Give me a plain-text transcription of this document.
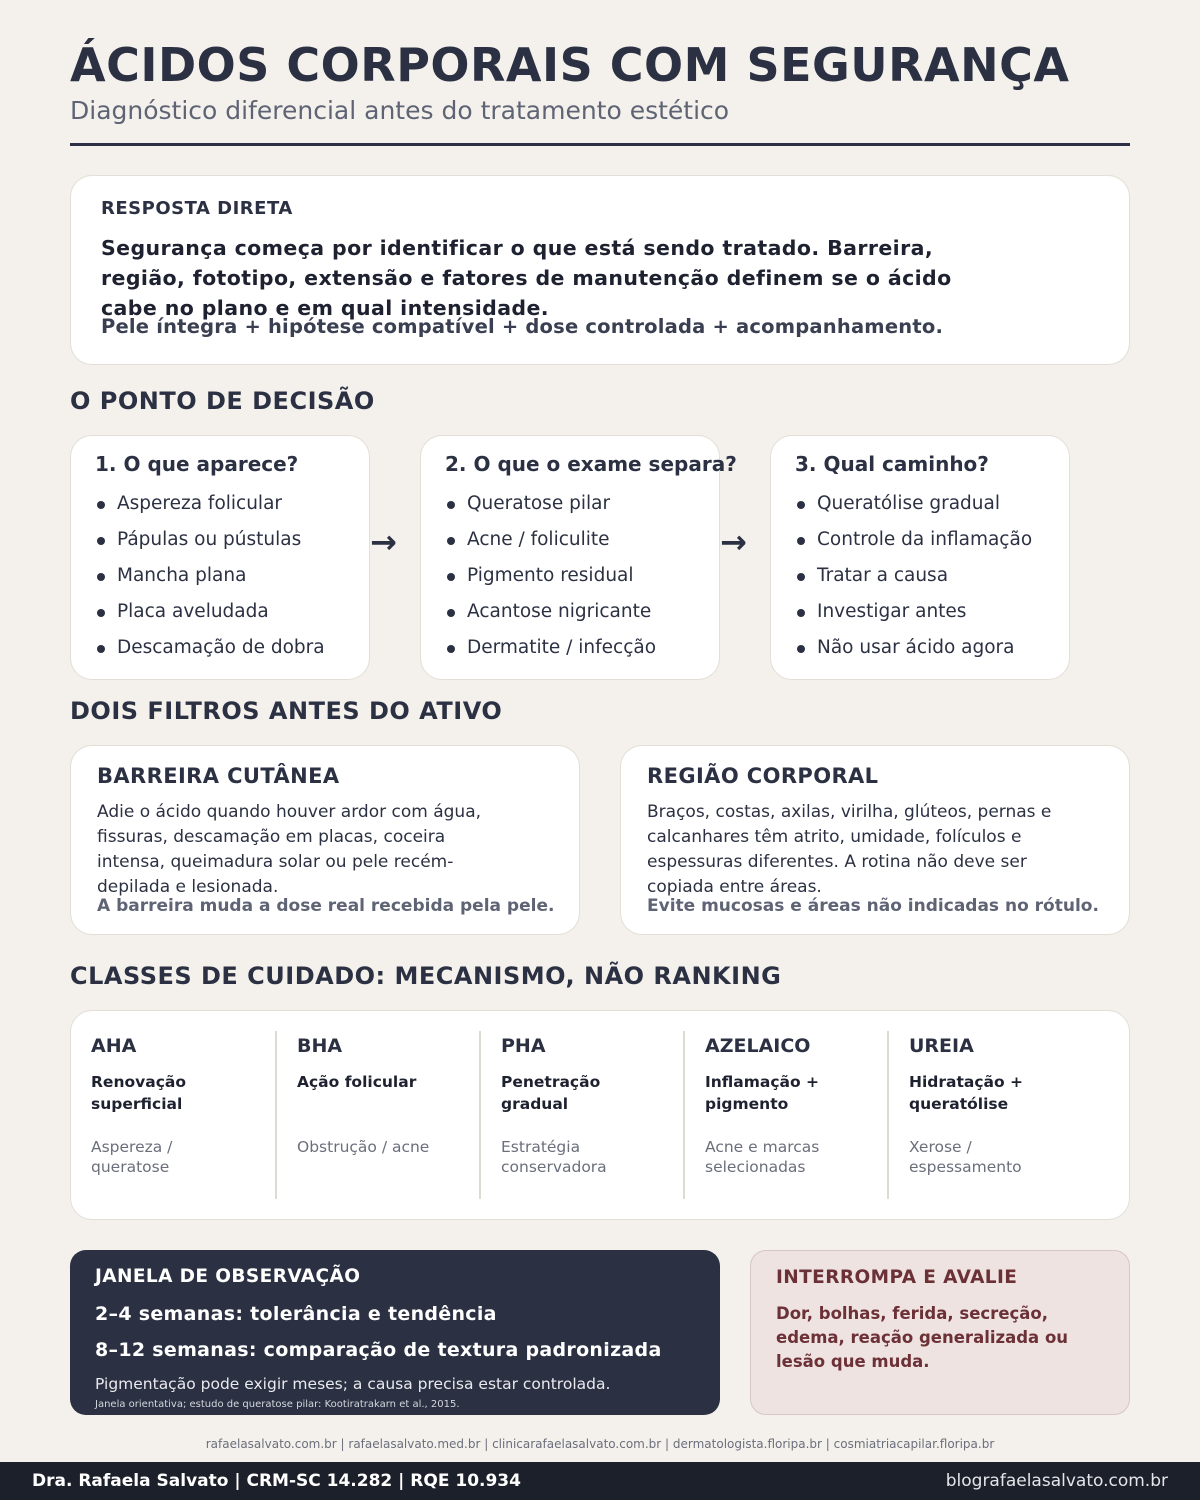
ÁCIDOS CORPORAIS COM SEGURANÇA
Diagnóstico diferencial antes do tratamento estético
RESPOSTA DIRETA
Segurança começa por identificar o que está sendo tratado. Barreira, região, fototipo, extensão e fatores de manutenção definem se o ácido cabe no plano e em qual intensidade.
Pele íntegra + hipótese compatível + dose controlada + acompanhamento.
O PONTO DE DECISÃO
1. O que aparece?
Aspereza folicular
Pápulas ou pústulas
Mancha plana
Placa aveludada
Descamação de dobra
→
2. O que o exame separa?
Queratose pilar
Acne / foliculite
Pigmento residual
Acantose nigricante
Dermatite / infecção
→
3. Qual caminho?
Queratólise gradual
Controle da inflamação
Tratar a causa
Investigar antes
Não usar ácido agora
DOIS FILTROS ANTES DO ATIVO
BARREIRA CUTÂNEA

Adie o ácido quando houver ardor com água, fissuras, descamação em placas, coceira intensa, queimadura solar ou pele recém-depilada e lesionada.

A barreira muda a dose real recebida pela pele.
REGIÃO CORPORAL

Braços, costas, axilas, virilha, glúteos, pernas e calcanhares têm atrito, umidade, folículos e espessuras diferentes. A rotina não deve ser copiada entre áreas.

Evite mucosas e áreas não indicadas no rótulo.
CLASSES DE CUIDADO: MECANISMO, NÃO RANKING
AHA
Renovação superficial
Aspereza / queratose
BHA
Ação folicular
Obstrução / acne
PHA
Penetração gradual
Estratégia conservadora
AZELAICO
Inflamação + pigmento
Acne e marcas selecionadas
UREIA
Hidratação + queratólise
Xerose / espessamento
JANELA DE OBSERVAÇÃO
2–4 semanas: tolerância e tendência
8–12 semanas: comparação de textura padronizada
Pigmentação pode exigir meses; a causa precisa estar controlada.
Janela orientativa; estudo de queratose pilar: Kootiratrakarn et al., 2015.
INTERROMPA E AVALIE
Dor, bolhas, ferida, secreção, edema, reação generalizada ou lesão que muda.
rafaelasalvato.com.br | rafaelasalvato.med.br | clinicarafaelasalvato.com.br | dermatologista.floripa.br | cosmiatriacapilar.floripa.br
Dra. Rafaela Salvato | CRM-SC 14.282 | RQE 10.934	blografaelasalvato.com.br
